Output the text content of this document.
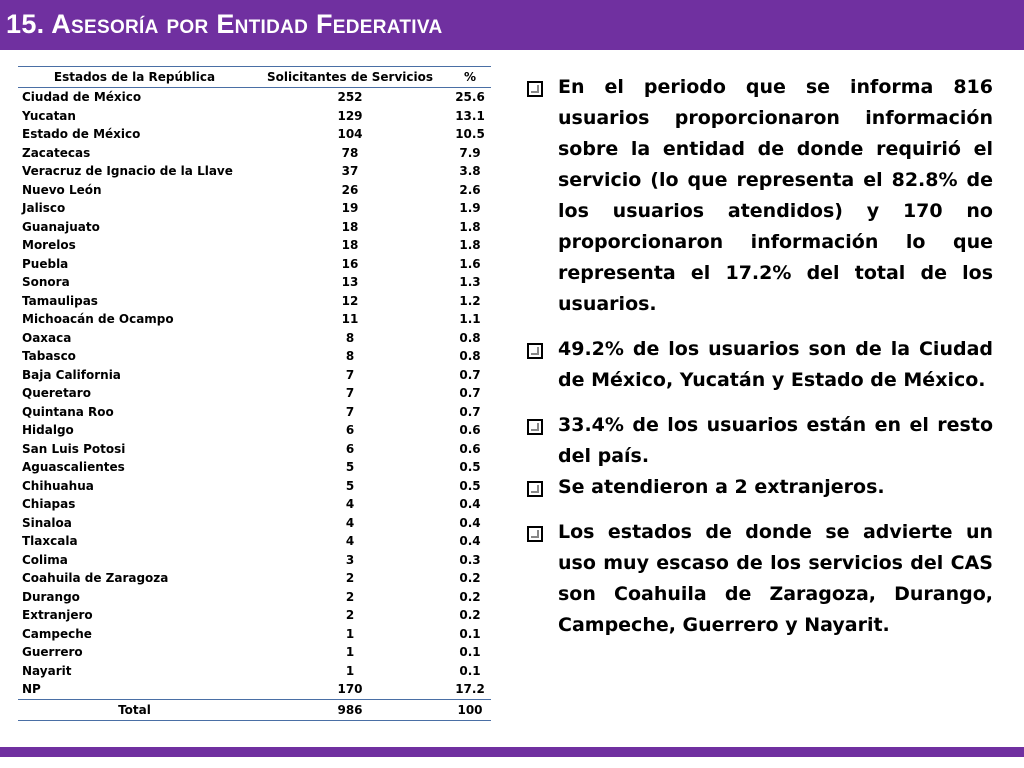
15. Asesoría por Entidad Federativa
Estados de la República	Solicitantes de Servicios	%
Ciudad de México	252	25.6
Yucatan	129	13.1
Estado de México	104	10.5
Zacatecas	78	7.9
Veracruz de Ignacio de la Llave	37	3.8
Nuevo León	26	2.6
Jalisco	19	1.9
Guanajuato	18	1.8
Morelos	18	1.8
Puebla	16	1.6
Sonora	13	1.3
Tamaulipas	12	1.2
Michoacán de Ocampo	11	1.1
Oaxaca	8	0.8
Tabasco	8	0.8
Baja California	7	0.7
Queretaro	7	0.7
Quintana Roo	7	0.7
Hidalgo	6	0.6
San Luis Potosi	6	0.6
Aguascalientes	5	0.5
Chihuahua	5	0.5
Chiapas	4	0.4
Sinaloa	4	0.4
Tlaxcala	4	0.4
Colima	3	0.3
Coahuila de Zaragoza	2	0.2
Durango	2	0.2
Extranjero	2	0.2
Campeche	1	0.1
Guerrero	1	0.1
Nayarit	1	0.1
NP	170	17.2
Total	986	100
En el periodo que se informa 816 usuarios proporcionaron información sobre la entidad de donde requirió el servicio (lo que representa el 82.8% de los usuarios atendidos) y 170 no proporcionaron información lo que representa el 17.2% del total de los usuarios.
49.2% de los usuarios son de la Ciudad de México, Yucatán y Estado de México.
33.4% de los usuarios están en el resto del país.
Se atendieron a 2 extranjeros.
Los estados de donde se advierte un uso muy escaso de los servicios del CAS son Coahuila de Zaragoza, Durango, Campeche, Guerrero y Nayarit.
